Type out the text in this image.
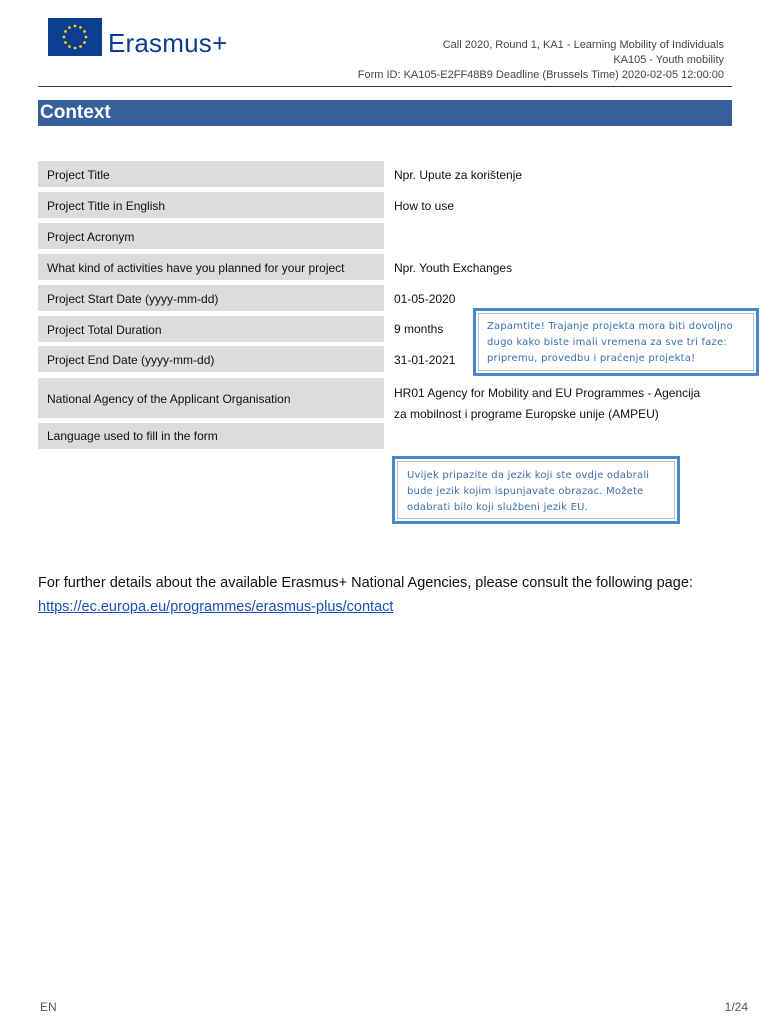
Erasmus+	Call 2020, Round 1, KA1 - Learning Mobility of Individuals
KA105 - Youth mobility
Form ID: KA105-E2FF48B9 Deadline (Brussels Time) 2020-02-05 12:00:00
Context
Project Title	Npr. Upute za korištenje
Project Title in English	How to use
Project Acronym
What kind of activities have you planned for your project	Npr. Youth Exchanges
Project Start Date (yyyy-mm-dd)	01-05-2020
Project Total Duration	9 months
Project End Date (yyyy-mm-dd)	31-01-2021
National Agency of the Applicant Organisation	HR01 Agency for Mobility and EU Programmes - Agencija
za mobilnost i programe Europske unije (AMPEU)
Language used to fill in the form
Zapamtite! Trajanje projekta mora biti dovoljno
dugo kako biste imali vremena za sve tri faze:
pripremu, provedbu i praćenje projekta!
Uvijek pripazite da jezik koji ste ovdje odabrali
bude jezik kojim ispunjavate obrazac. Možete
odabrati bilo koji službeni jezik EU.
For further details about the available Erasmus+ National Agencies, please consult the following page:
https://ec.europa.eu/programmes/erasmus-plus/contact
EN	1/24
